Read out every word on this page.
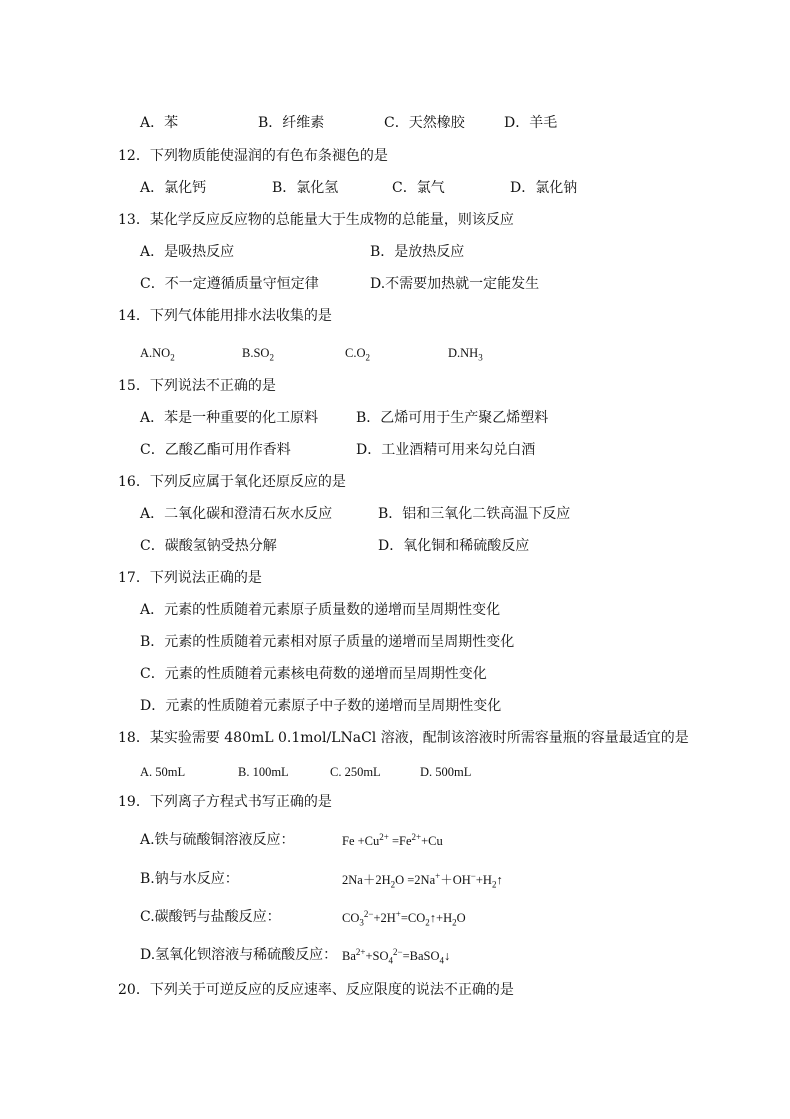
A．苯	B．纤维素	C．天然橡胶	D．羊毛
12．下列物质能使湿润的有色布条褪色的是
A．氯化钙	B．氯化氢	C．氯气	D．氯化钠
13．某化学反应反应物的总能量大于生成物的总能量，则该反应
A．是吸热反应	B．是放热反应
C．不一定遵循质量守恒定律	D.不需要加热就一定能发生
14．下列气体能用排水法收集的是
$A.NO_2$	$B.SO_2$	$C.O_2$	$D.NH_3$
15．下列说法不正确的是
A．苯是一种重要的化工原料	B．乙烯可用于生产聚乙烯塑料
C．乙酸乙酯可用作香料	D．工业酒精可用来勾兑白酒
16．下列反应属于氧化还原反应的是
A．二氧化碳和澄清石灰水反应	B．铝和三氧化二铁高温下反应
C．碳酸氢钠受热分解	D．氧化铜和稀硫酸反应
17．下列说法正确的是
A．元素的性质随着元素原子质量数的递增而呈周期性变化
B．元素的性质随着元素相对原子质量的递增而呈周期性变化
C．元素的性质随着元素核电荷数的递增而呈周期性变化
D．元素的性质随着元素原子中子数的递增而呈周期性变化
18．某实验需要 480mL 0.1mol/LNaCl 溶液，配制该溶液时所需容量瓶的容量最适宜的是
A. 50mL	B. 100mL	C. 250mL	D. 500mL
19．下列离子方程式书写正确的是
A.铁与硫酸铜溶液反应：	$Fe +Cu^{2+} =Fe^{2+}+Cu$
B.钠与水反应：	$2Na+2H_2O$ $=2Na^++OH^-+H_2↑$
C.碳酸钙与盐酸反应：	$CO_3^{2-}+2H^+=CO_2↑+H_2O$
D.氢氧化钡溶液与稀硫酸反应： $Ba^{2+}+SO_4^{2-}=BaSO_4↓$
20．下列关于可逆反应的反应速率、反应限度的说法不正确的是
